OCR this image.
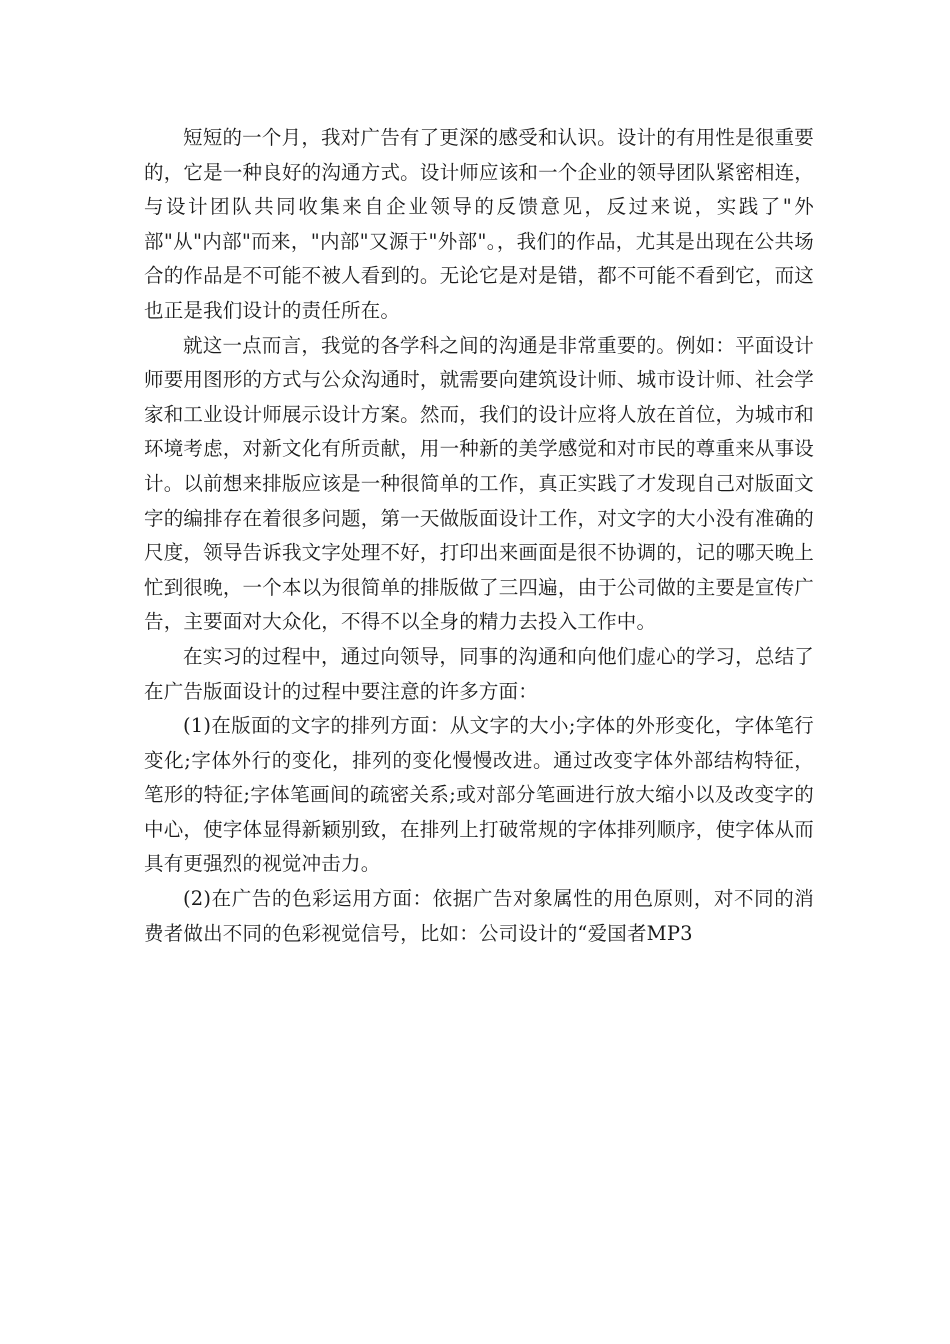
短短的一个月，我对广告有了更深的感受和认识。设计的有用性是很重要的，它是一种良好的沟通方式。设计师应该和一个企业的领导团队紧密相连，与设计团队共同收集来自企业领导的反馈意见，反过来说，实践了"外部"从"内部"而来，"内部"又源于"外部"。，我们的作品，尤其是出现在公共场合的作品是不可能不被人看到的。无论它是对是错，都不可能不看到它，而这也正是我们设计的责任所在。

就这一点而言，我觉的各学科之间的沟通是非常重要的。例如：平面设计师要用图形的方式与公众沟通时，就需要向建筑设计师、城市设计师、社会学家和工业设计师展示设计方案。然而，我们的设计应将人放在首位，为城市和环境考虑，对新文化有所贡献，用一种新的美学感觉和对市民的尊重来从事设计。以前想来排版应该是一种很简单的工作，真正实践了才发现自己对版面文字的编排存在着很多问题，第一天做版面设计工作，对文字的大小没有准确的尺度，领导告诉我文字处理不好，打印出来画面是很不协调的，记的哪天晚上忙到很晚，一个本以为很简单的排版做了三四遍，由于公司做的主要是宣传广告，主要面对大众化，不得不以全身的精力去投入工作中。

在实习的过程中，通过向领导，同事的沟通和向他们虚心的学习，总结了在广告版面设计的过程中要注意的许多方面：

(1)在版面的文字的排列方面：从文字的大小;字体的外形变化，字体笔行变化;字体外行的变化，排列的变化慢慢改进。通过改变字体外部结构特征，笔形的特征;字体笔画间的疏密关系;或对部分笔画进行放大缩小以及改变字的中心，使字体显得新颖别致，在排列上打破常规的字体排列顺序，使字体从而具有更强烈的视觉冲击力。

(2)在广告的色彩运用方面：依据广告对象属性的用色原则，对不同的消费者做出不同的色彩视觉信号，比如：公司设计的“爱国者MP3
